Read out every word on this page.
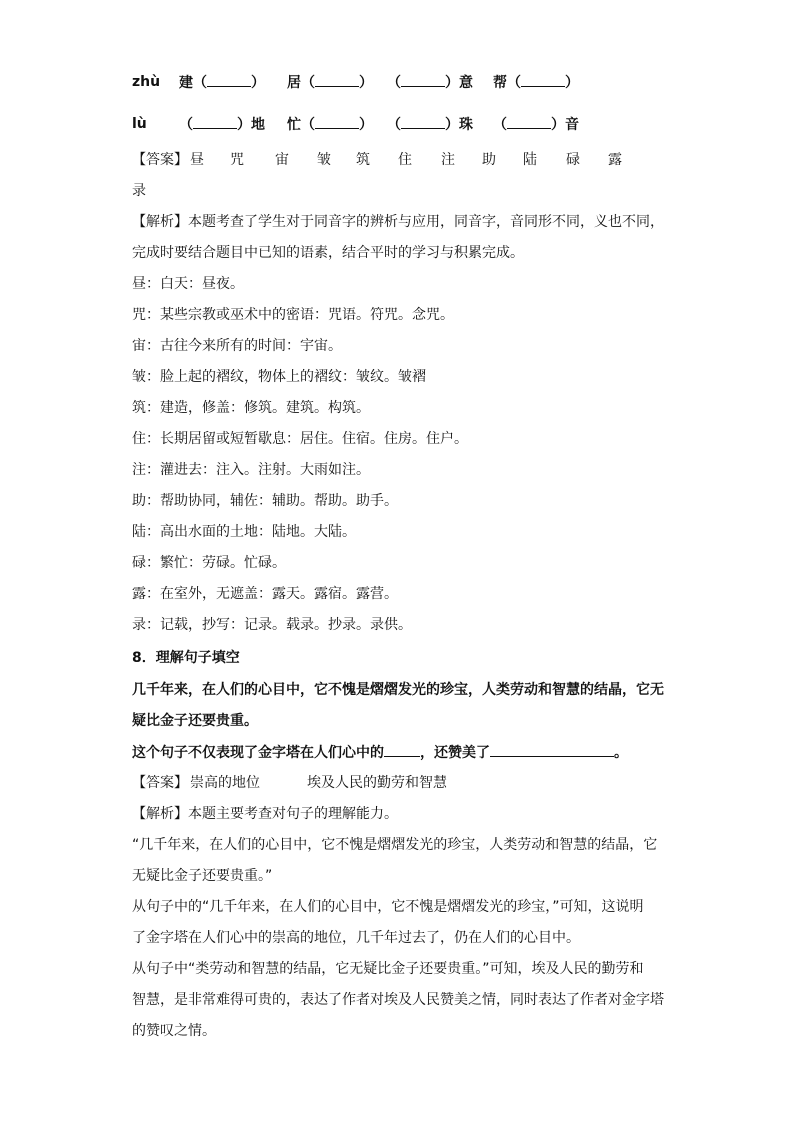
zhù 建（	） 居（	） （	）意 帮（	）
lù （	）地 忙（	） （	）珠 （	）音
【答案】 昼 咒 宙 皱 筑 住 注 助 陆 碌 露
录
【解析】本题考查了学生对于同音字的辨析与应用，同音字，音同形不同，义也不同，
完成时要结合题目中已知的语素，结合平时的学习与积累完成。
昼：白天：昼夜。
咒：某些宗教或巫术中的密语：咒语。符咒。念咒。
宙：古往今来所有的时间：宇宙。
皱：脸上起的褶纹，物体上的褶纹：皱纹。皱褶
筑：建造，修盖：修筑。建筑。构筑。
住：长期居留或短暂歇息：居住。住宿。住房。住户。
注：灌进去：注入。注射。大雨如注。
助：帮助协同，辅佐：辅助。帮助。助手。
陆：高出水面的土地：陆地。大陆。
碌：繁忙：劳碌。忙碌。
露：在室外，无遮盖：露天。露宿。露营。
录：记载，抄写：记录。载录。抄录。录供。
8．理解句子填空
几千年来，在人们的心目中，它不愧是熠熠发光的珍宝，人类劳动和智慧的结晶，它无
疑比金子还要贵重。
这个句子不仅表现了金字塔在人们心中的	，还赞美了	。
【答案】 崇高的地位	埃及人民的勤劳和智慧
【解析】本题主要考查对句子的理解能力。
“几千年来，在人们的心目中，它不愧是熠熠发光的珍宝，人类劳动和智慧的结晶，它
无疑比金子还要贵重。”
从句子中的“几千年来，在人们的心目中，它不愧是熠熠发光的珍宝，”可知，这说明
了金字塔在人们心中的崇高的地位，几千年过去了，仍在人们的心目中。
从句子中“类劳动和智慧的结晶，它无疑比金子还要贵重。”可知，埃及人民的勤劳和
智慧，是非常难得可贵的，表达了作者对埃及人民赞美之情，同时表达了作者对金字塔
的赞叹之情。
